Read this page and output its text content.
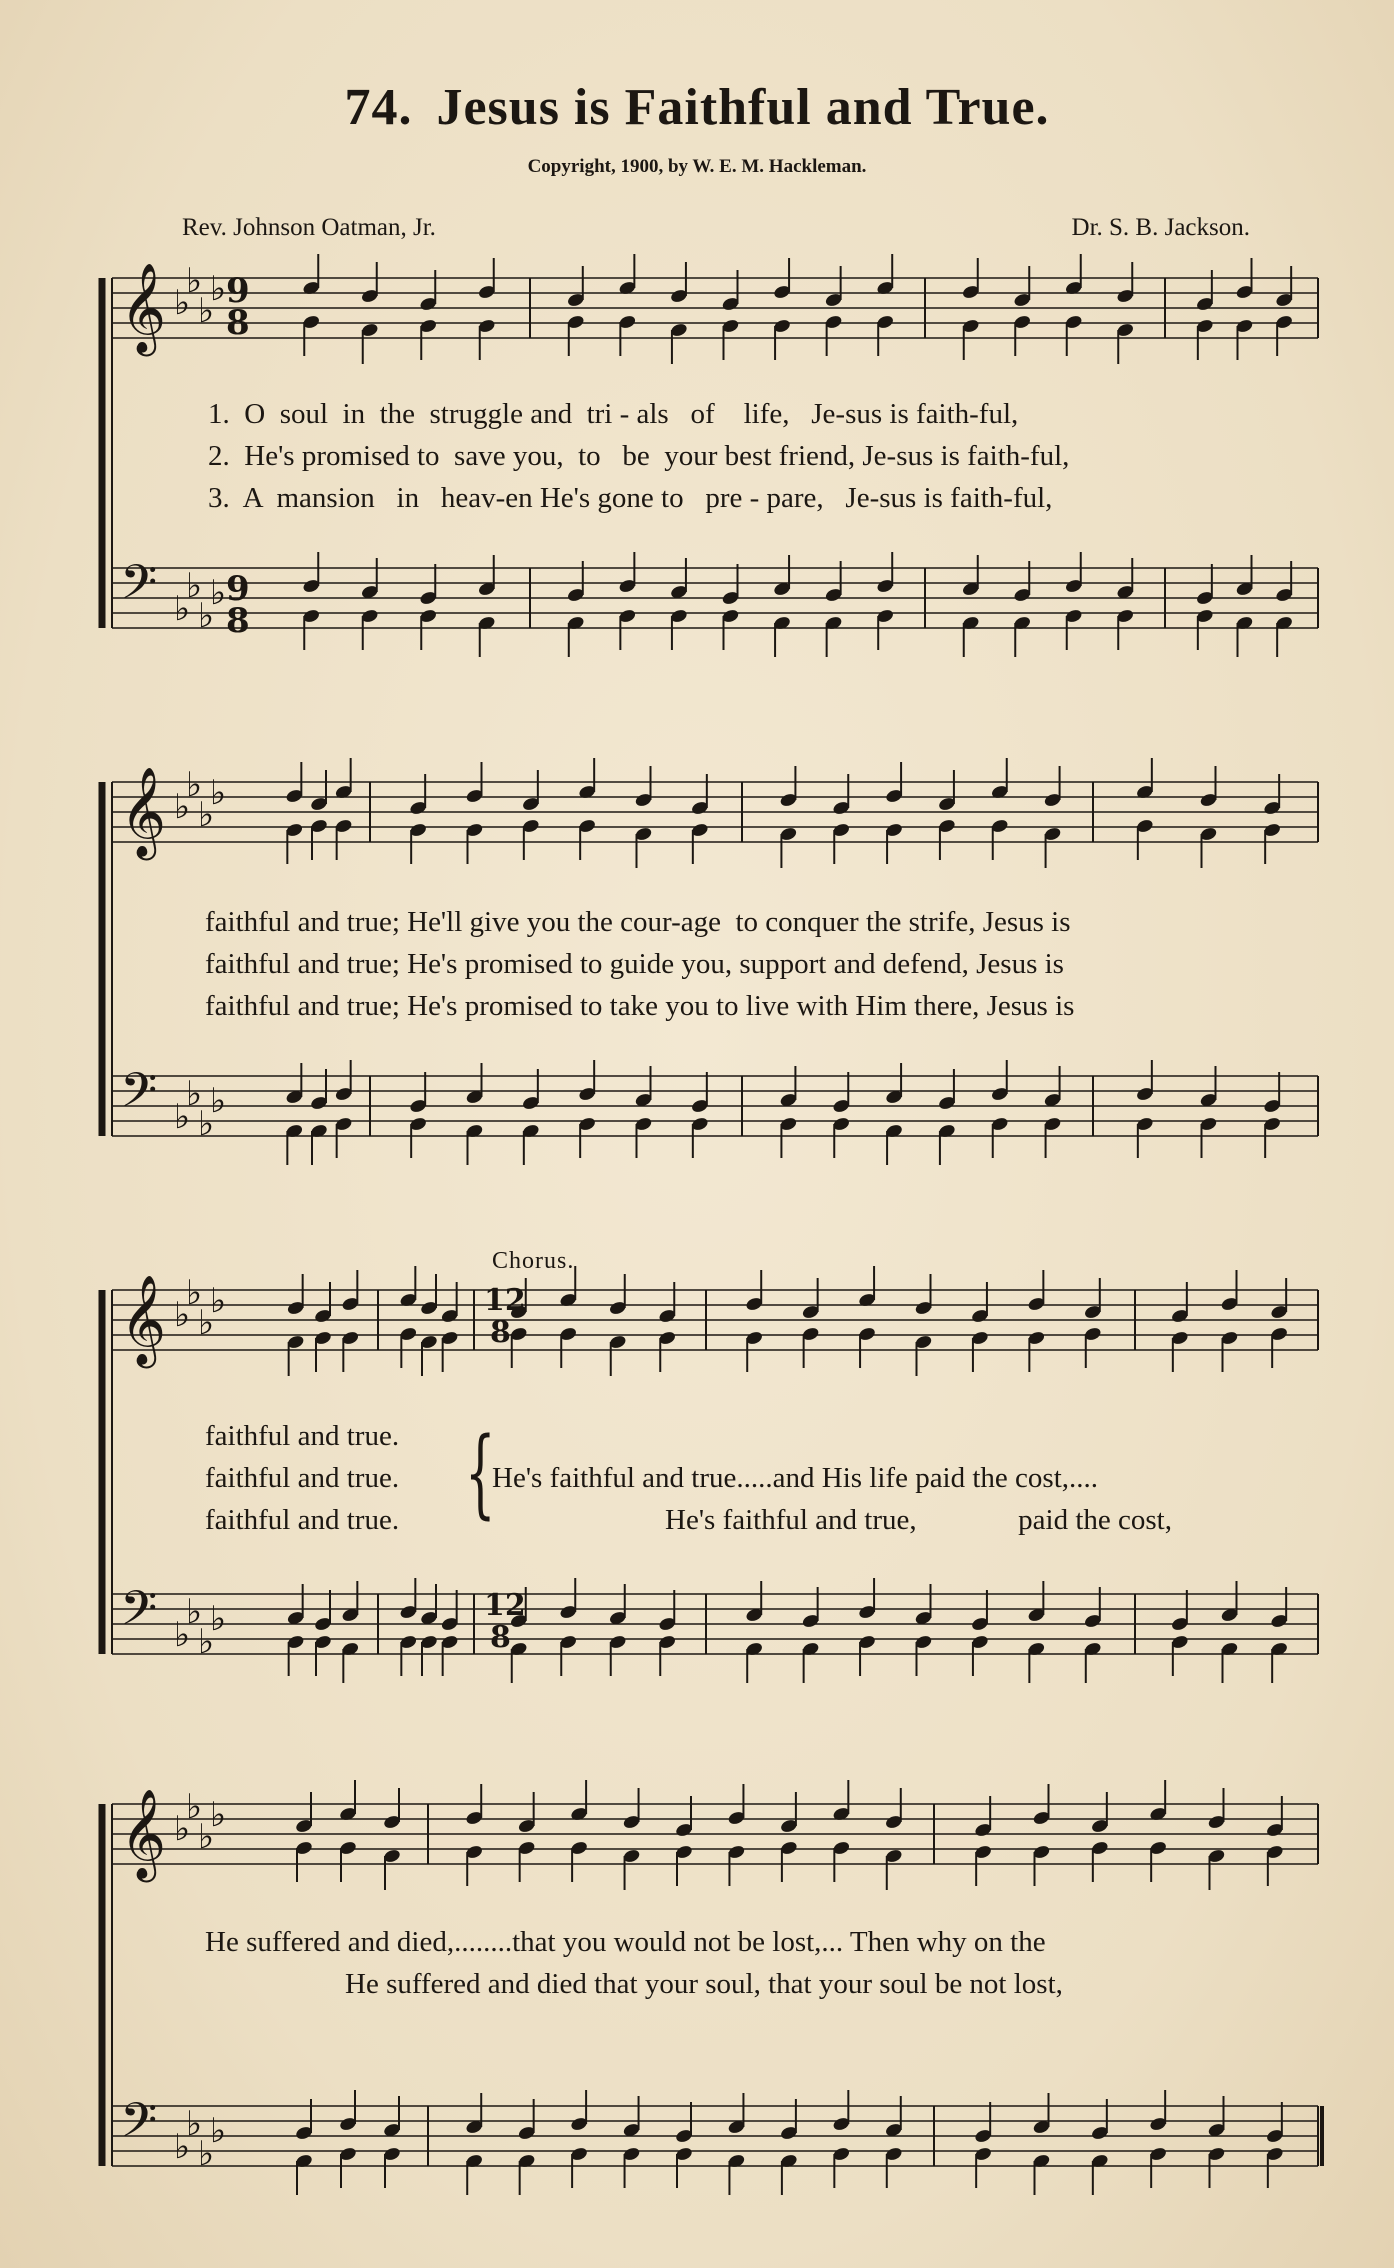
74. Jesus is Faithful and True.
Copyright, 1900, by W. E. M. Hackleman.
Rev. Johnson Oatman, Jr.	Dr. S. B. Jackson.
𝄞 ♭
♭
♭
♭
𝄢 ♭
♭
♭
♭
𝄞 ♭
♭
♭
♭
𝄢 ♭
♭
♭
♭
𝄞 ♭
♭
♭
♭
𝄢 ♭
♭
♭
♭
𝄞 ♭
♭
♭
♭
𝄢 ♭
♭
♭
♭
9
8
9
8
12
8
12
8
1.  O  soul  in  the  struggle and  tri - als   of    life,   Je-sus is faith-ful,
2.  He's promised to  save you,  to   be  your best friend, Je-sus is faith-ful,
3.  A  mansion   in   heav-en He's gone to   pre - pare,   Je-sus is faith-ful,
faithful and true; He'll give you the cour-age  to conquer the strife, Jesus is
faithful and true; He's promised to guide you, support and defend, Jesus is
faithful and true; He's promised to take you to live with Him there, Jesus is
Chorus.
faithful and true.
faithful and true.
faithful and true. {
He's faithful and true.....and His life paid the cost,....
He's faithful and true,              paid the cost,
He suffered and died,........that you would not be lost,... Then why on the
He suffered and died that your soul, that your soul be not lost,
